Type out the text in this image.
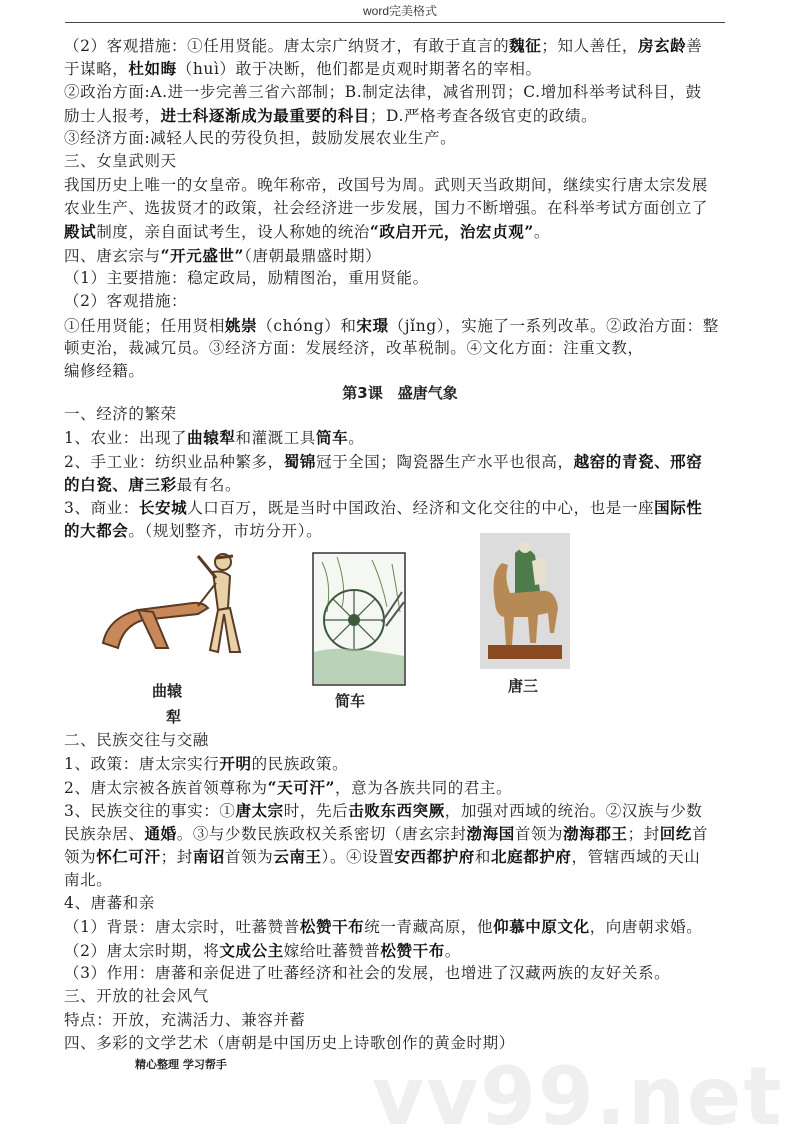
word完美格式
（2）客观措施：①任用贤能。唐太宗广纳贤才，有敢于直言的魏征；知人善任，房玄龄善
于谋略，杜如晦（huì）敢于决断，他们都是贞观时期著名的宰相。
②政治方面:A.进一步完善三省六部制；B.制定法律，减省刑罚；C.增加科举考试科目，鼓
励士人报考，进士科逐渐成为最重要的科目；D.严格考查各级官吏的政绩。
③经济方面:减轻人民的劳役负担，鼓励发展农业生产。
三、女皇武则天
我国历史上唯一的女皇帝。晚年称帝，改国号为周。武则天当政期间，继续实行唐太宗发展
农业生产、选拔贤才的政策，社会经济进一步发展，国力不断增强。在科举考试方面创立了
殿试制度，亲自面试考生，设人称她的统治“政启开元，治宏贞观”。
四、唐玄宗与“开元盛世”（唐朝最鼎盛时期）
（1）主要措施：稳定政局，励精图治，重用贤能。
（2）客观措施：
①任用贤能；任用贤相姚崇（chóng）和宋璟（jǐng），实施了一系列改革。②政治方面：整
顿吏治，裁减冗员。③经济方面：发展经济，改革税制。④文化方面：注重文教，
编修经籍。
第3课　盛唐气象
一、经济的繁荣
1、农业：出现了曲辕犁和灌溉工具筒车。
2、手工业：纺织业品种繁多，蜀锦冠于全国；陶瓷器生产水平也很高，越窑的青瓷、邢窑
的白瓷、唐三彩最有名。
3、商业：长安城人口百万，既是当时中国政治、经济和文化交往的中心，也是一座国际性
的大都会。（规划整齐，市坊分开）。
曲辕
犁
简车
唐三
二、民族交往与交融
1、政策：唐太宗实行开明的民族政策。
2、唐太宗被各族首领尊称为“天可汗”，意为各族共同的君主。
3、民族交往的事实：①唐太宗时，先后击败东西突厥，加强对西域的统治。②汉族与少数
民族杂居、通婚。③与少数民族政权关系密切（唐玄宗封渤海国首领为渤海郡王；封回纥首
领为怀仁可汗；封南诏首领为云南王）。④设置安西都护府和北庭都护府，管辖西域的天山
南北。
4、唐蕃和亲
（1）背景：唐太宗时，吐蕃赞普松赞干布统一青藏高原，他仰慕中原文化，向唐朝求婚。
（2）唐太宗时期，将文成公主嫁给吐蕃赞普松赞干布。
（3）作用：唐蕃和亲促进了吐蕃经济和社会的发展，也增进了汉藏两族的友好关系。
三、开放的社会风气
特点：开放，充满活力、兼容并蓄
四、多彩的文学艺术（唐朝是中国历史上诗歌创作的黄金时期）
精心整理 学习帮手 vv99.net
